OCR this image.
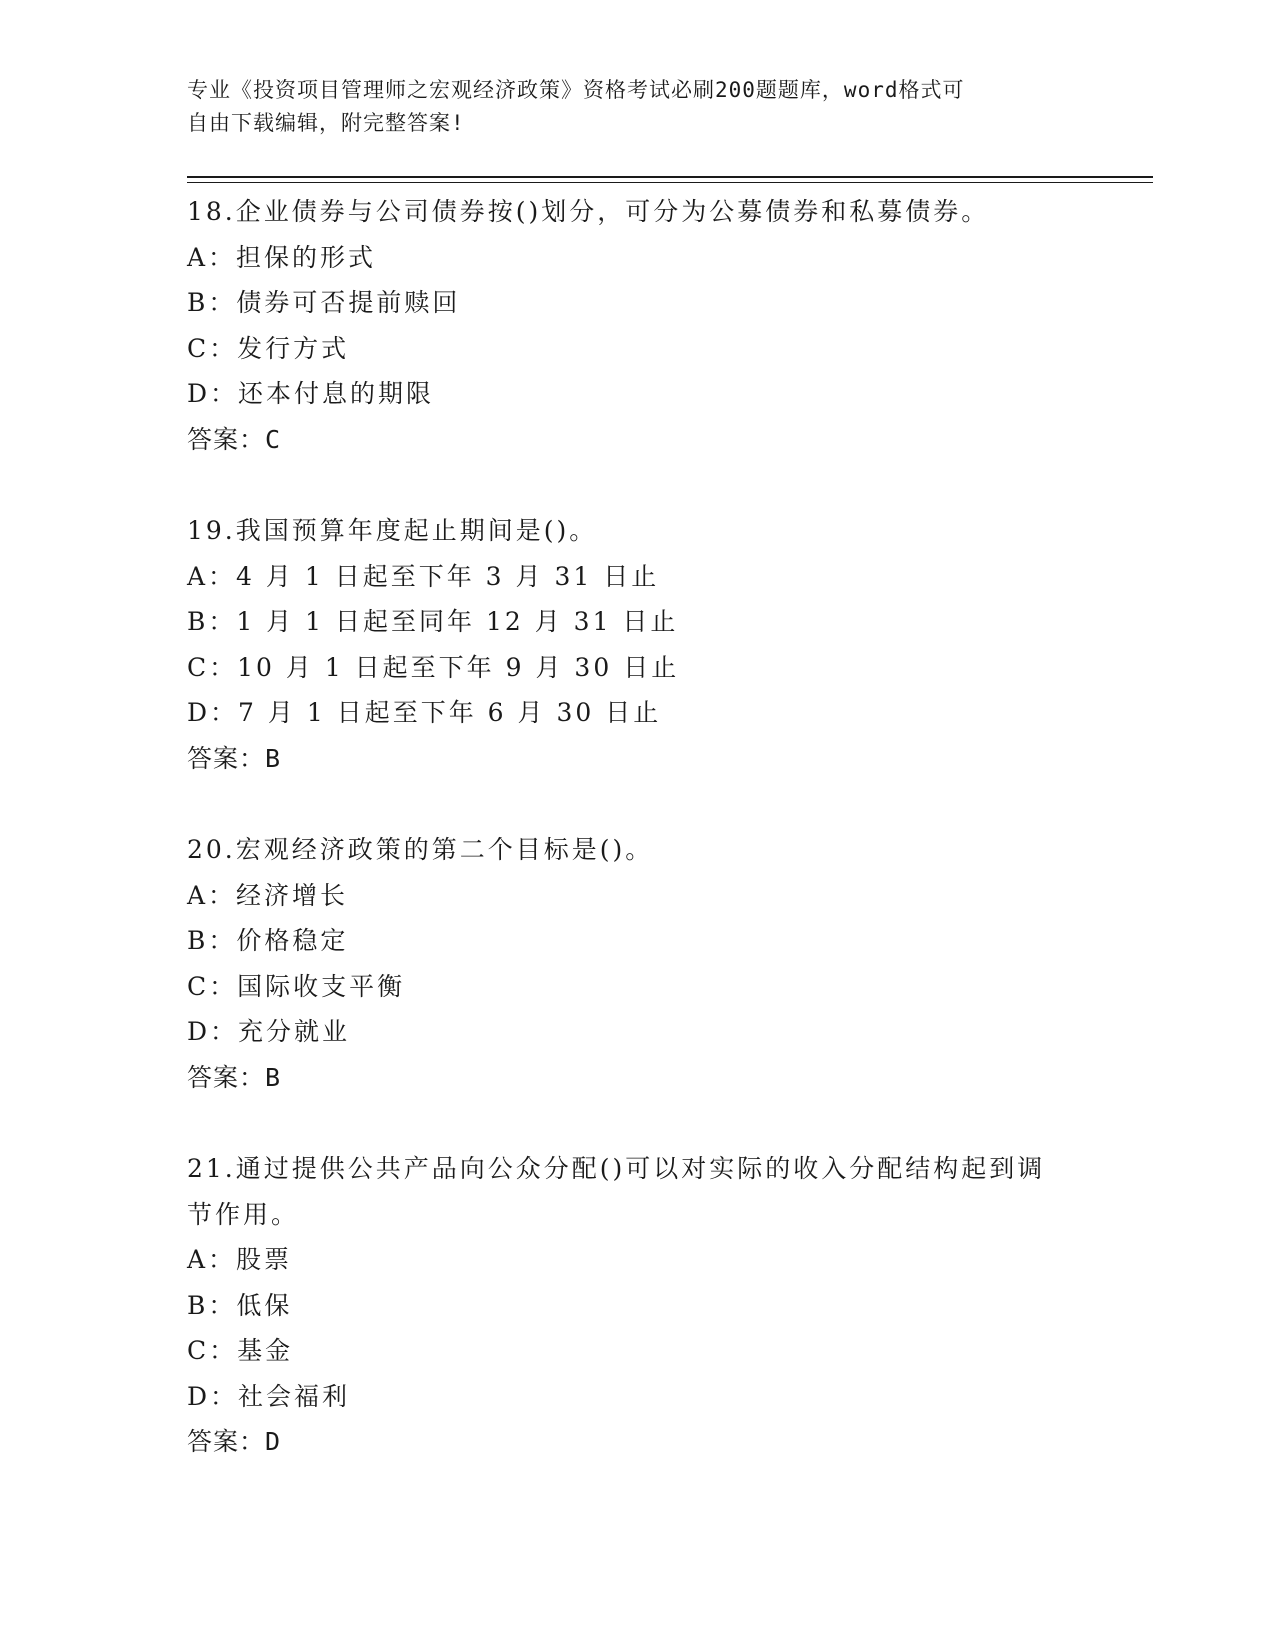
专业《投资项目管理师之宏观经济政策》资格考试必刷200题题库，word格式可
自由下载编辑，附完整答案!
18.企业债券与公司债券按()划分，可分为公募债券和私募债券。
A：担保的形式
B：债券可否提前赎回
C：发行方式
D：还本付息的期限
答案：C
19.我国预算年度起止期间是()。
A：4 月 1 日起至下年 3 月 31 日止
B：1 月 1 日起至同年 12 月 31 日止
C：10 月 1 日起至下年 9 月 30 日止
D：7 月 1 日起至下年 6 月 30 日止
答案：B
20.宏观经济政策的第二个目标是()。
A：经济增长
B：价格稳定
C：国际收支平衡
D：充分就业
答案：B
21.通过提供公共产品向公众分配()可以对实际的收入分配结构起到调节作用。
A：股票
B：低保
C：基金
D：社会福利
答案：D
